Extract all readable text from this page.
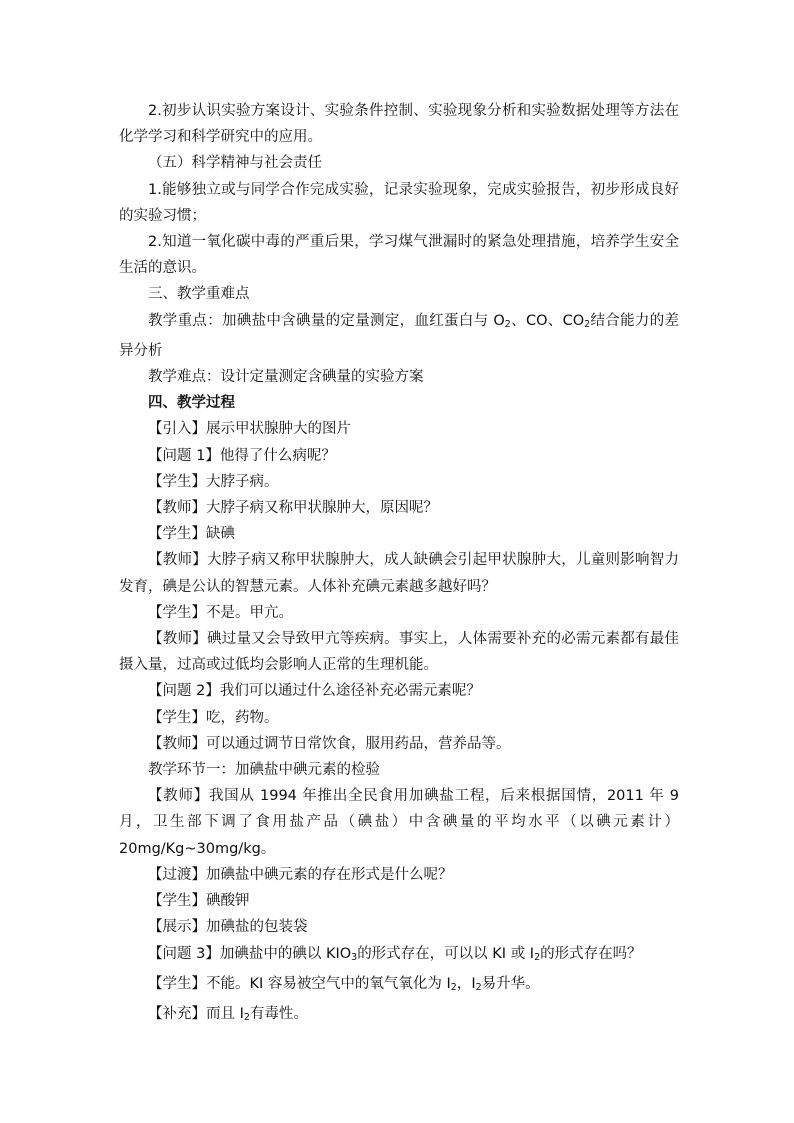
2.初步认识实验方案设计、实验条件控制、实验现象分析和实验数据处理等方法在化学学习和科学研究中的应用。

（五）科学精神与社会责任

1.能够独立或与同学合作完成实验，记录实验现象，完成实验报告，初步形成良好的实验习惯；

2.知道一氧化碳中毒的严重后果，学习煤气泄漏时的紧急处理措施，培养学生安全生活的意识。

三、教学重难点

教学重点：加碘盐中含碘量的定量测定，血红蛋白与 $O_2$、CO、$CO_2$结合能力的差异分析

教学难点：设计定量测定含碘量的实验方案

四、教学过程

【引入】展示甲状腺肿大的图片

【问题 1】他得了什么病呢？

【学生】大脖子病。

【教师】大脖子病又称甲状腺肿大，原因呢？

【学生】缺碘

【教师】大脖子病又称甲状腺肿大，成人缺碘会引起甲状腺肿大，儿童则影响智力发育，碘是公认的智慧元素。人体补充碘元素越多越好吗？

【学生】不是。甲亢。

【教师】碘过量又会导致甲亢等疾病。事实上，人体需要补充的必需元素都有最佳摄入量，过高或过低均会影响人正常的生理机能。

【问题 2】我们可以通过什么途径补充必需元素呢？

【学生】吃，药物。

【教师】可以通过调节日常饮食，服用药品，营养品等。

教学环节一：加碘盐中碘元素的检验

【教师】我国从 1994 年推出全民食用加碘盐工程，后来根据国情，2011 年 9 月，卫生部下调了食用盐产品（碘盐）中含碘量的平均水平（以碘元素计）20mg/Kg~30mg/kg。

【过渡】加碘盐中碘元素的存在形式是什么呢？

【学生】碘酸钾

【展示】加碘盐的包装袋

【问题 3】加碘盐中的碘以 $KIO_3$的形式存在，可以以 KI 或 $I_2$的形式存在吗？

【学生】不能。KI 容易被空气中的氧气氧化为 $I_2$，$I_2$易升华。

【补充】而且 $I_2$有毒性。
